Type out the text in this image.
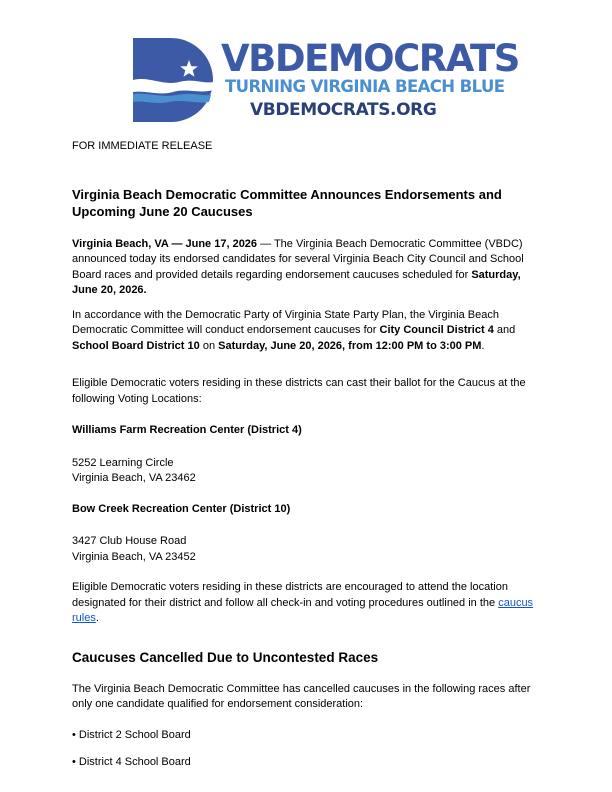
VBDEMOCRATS
TURNING VIRGINIA BEACH BLUE
VBDEMOCRATS.ORG

FOR IMMEDIATE RELEASE

Virginia Beach Democratic Committee Announces Endorsements and Upcoming June 20 Caucuses

Virginia Beach, VA — June 17, 2026 — The Virginia Beach Democratic Committee (VBDC) announced today its endorsed candidates for several Virginia Beach City Council and School Board races and provided details regarding endorsement caucuses scheduled for Saturday, June 20, 2026.

In accordance with the Democratic Party of Virginia State Party Plan, the Virginia Beach Democratic Committee will conduct endorsement caucuses for City Council District 4 and School Board District 10 on Saturday, June 20, 2026, from 12:00 PM to 3:00 PM.

Eligible Democratic voters residing in these districts can cast their ballot for the Caucus at the following Voting Locations:

Williams Farm Recreation Center (District 4)

5252 Learning Circle
Virginia Beach, VA 23462

Bow Creek Recreation Center (District 10)

3427 Club House Road
Virginia Beach, VA 23452

Eligible Democratic voters residing in these districts are encouraged to attend the location designated for their district and follow all check-in and voting procedures outlined in the caucus rules.

Caucuses Cancelled Due to Uncontested Races

The Virginia Beach Democratic Committee has cancelled caucuses in the following races after only one candidate qualified for endorsement consideration:

• District 2 School Board

• District 4 School Board
